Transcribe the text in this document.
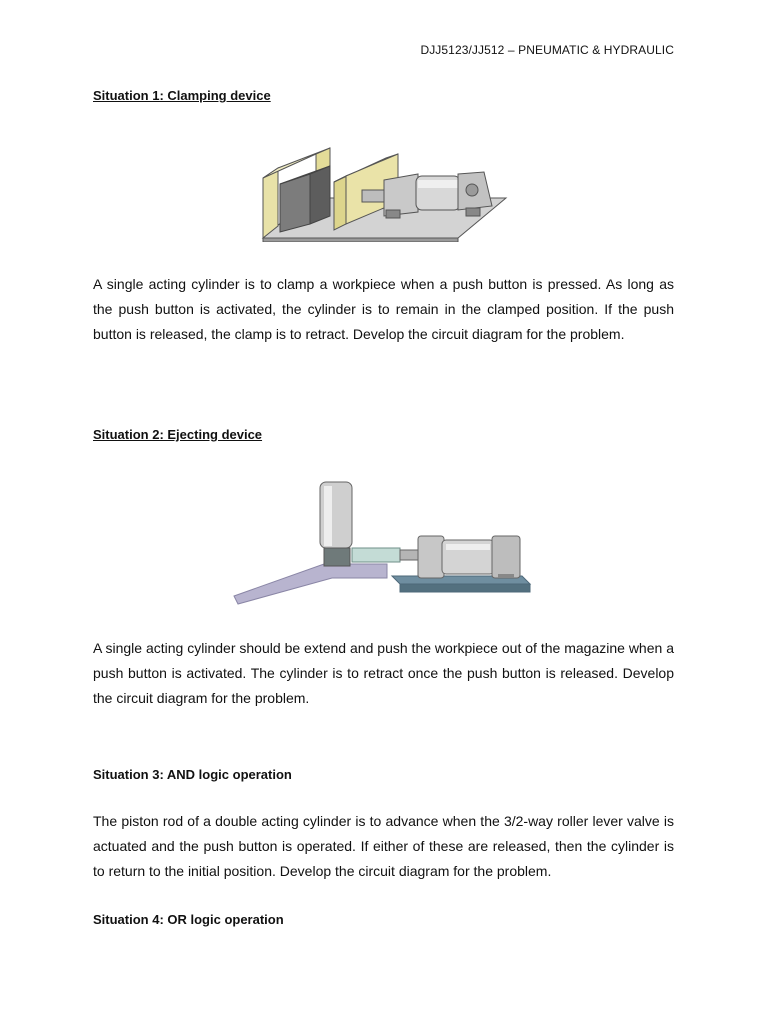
DJJ5123/JJ512 – PNEUMATIC & HYDRAULIC
Situation 1: Clamping device
A single acting cylinder is to clamp a workpiece when a push button is pressed. As long as the push button is activated, the cylinder is to remain in the clamped position. If the push button is released, the clamp is to retract. Develop the circuit diagram for the problem.
Situation 2: Ejecting device
A single acting cylinder should be extend and push the workpiece out of the magazine when a push button is activated. The cylinder is to retract once the push button is released. Develop the circuit diagram for the problem.
Situation 3: AND logic operation
The piston rod of a double acting cylinder is to advance when the 3/2-way roller lever valve is actuated and the push button is operated. If either of these are released, then the cylinder is to return to the initial position. Develop the circuit diagram for the problem.
Situation 4: OR logic operation
